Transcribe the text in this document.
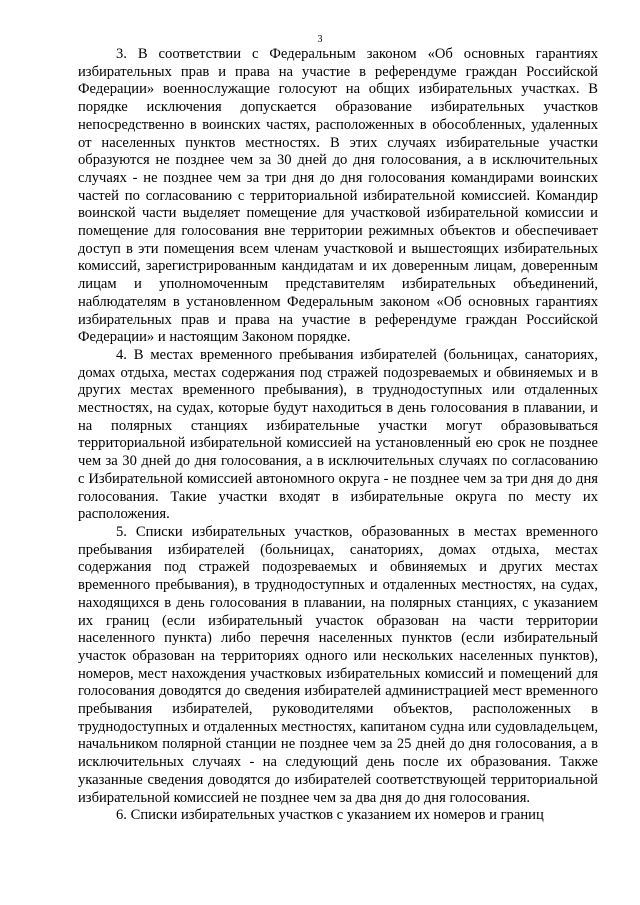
3

3. В соответствии с Федеральным законом «Об основных гарантиях избирательных прав и права на участие в референдуме граждан Российской Федерации» военнослужащие голосуют на общих избирательных участках. В порядке исключения допускается образование избирательных участков непосредственно в воинских частях, расположенных в обособленных, удаленных от населенных пунктов местностях. В этих случаях избирательные участки образуются не позднее чем за 30 дней до дня голосования, а в исключительных случаях - не позднее чем за три дня до дня голосования командирами воинских частей по согласованию с территориальной избирательной комиссией. Командир воинской части выделяет помещение для участковой избирательной комиссии и помещение для голосования вне территории режимных объектов и обеспечивает доступ в эти помещения всем членам участковой и вышестоящих избирательных комиссий, зарегистрированным кандидатам и их доверенным лицам, доверенным лицам и уполномоченным представителям избирательных объединений, наблюдателям в установленном Федеральным законом «Об основных гарантиях избирательных прав и права на участие в референдуме граждан Российской Федерации» и настоящим Законом порядке.

4. В местах временного пребывания избирателей (больницах, санаториях, домах отдыха, местах содержания под стражей подозреваемых и обвиняемых и в других местах временного пребывания), в труднодоступных или отдаленных местностях, на судах, которые будут находиться в день голосования в плавании, и на полярных станциях избирательные участки могут образовываться территориальной избирательной комиссией на установленный ею срок не позднее чем за 30 дней до дня голосования, а в исключительных случаях по согласованию с Избирательной комиссией автономного округа - не позднее чем за три дня до дня голосования. Такие участки входят в избирательные округа по месту их расположения.

5. Списки избирательных участков, образованных в местах временного пребывания избирателей (больницах, санаториях, домах отдыха, местах содержания под стражей подозреваемых и обвиняемых и других местах временного пребывания), в труднодоступных и отдаленных местностях, на судах, находящихся в день голосования в плавании, на полярных станциях, с указанием их границ (если избирательный участок образован на части территории населенного пункта) либо перечня населенных пунктов (если избирательный участок образован на территориях одного или нескольких населенных пунктов), номеров, мест нахождения участковых избирательных комиссий и помещений для голосования доводятся до сведения избирателей администрацией мест временного пребывания избирателей, руководителями объектов, расположенных в труднодоступных и отдаленных местностях, капитаном судна или судовладельцем, начальником полярной станции не позднее чем за 25 дней до дня голосования, а в исключительных случаях - на следующий день после их образования. Также указанные сведения доводятся до избирателей соответствующей территориальной избирательной комиссией не позднее чем за два дня до дня голосования.

6. Списки избирательных участков с указанием их номеров и границ
